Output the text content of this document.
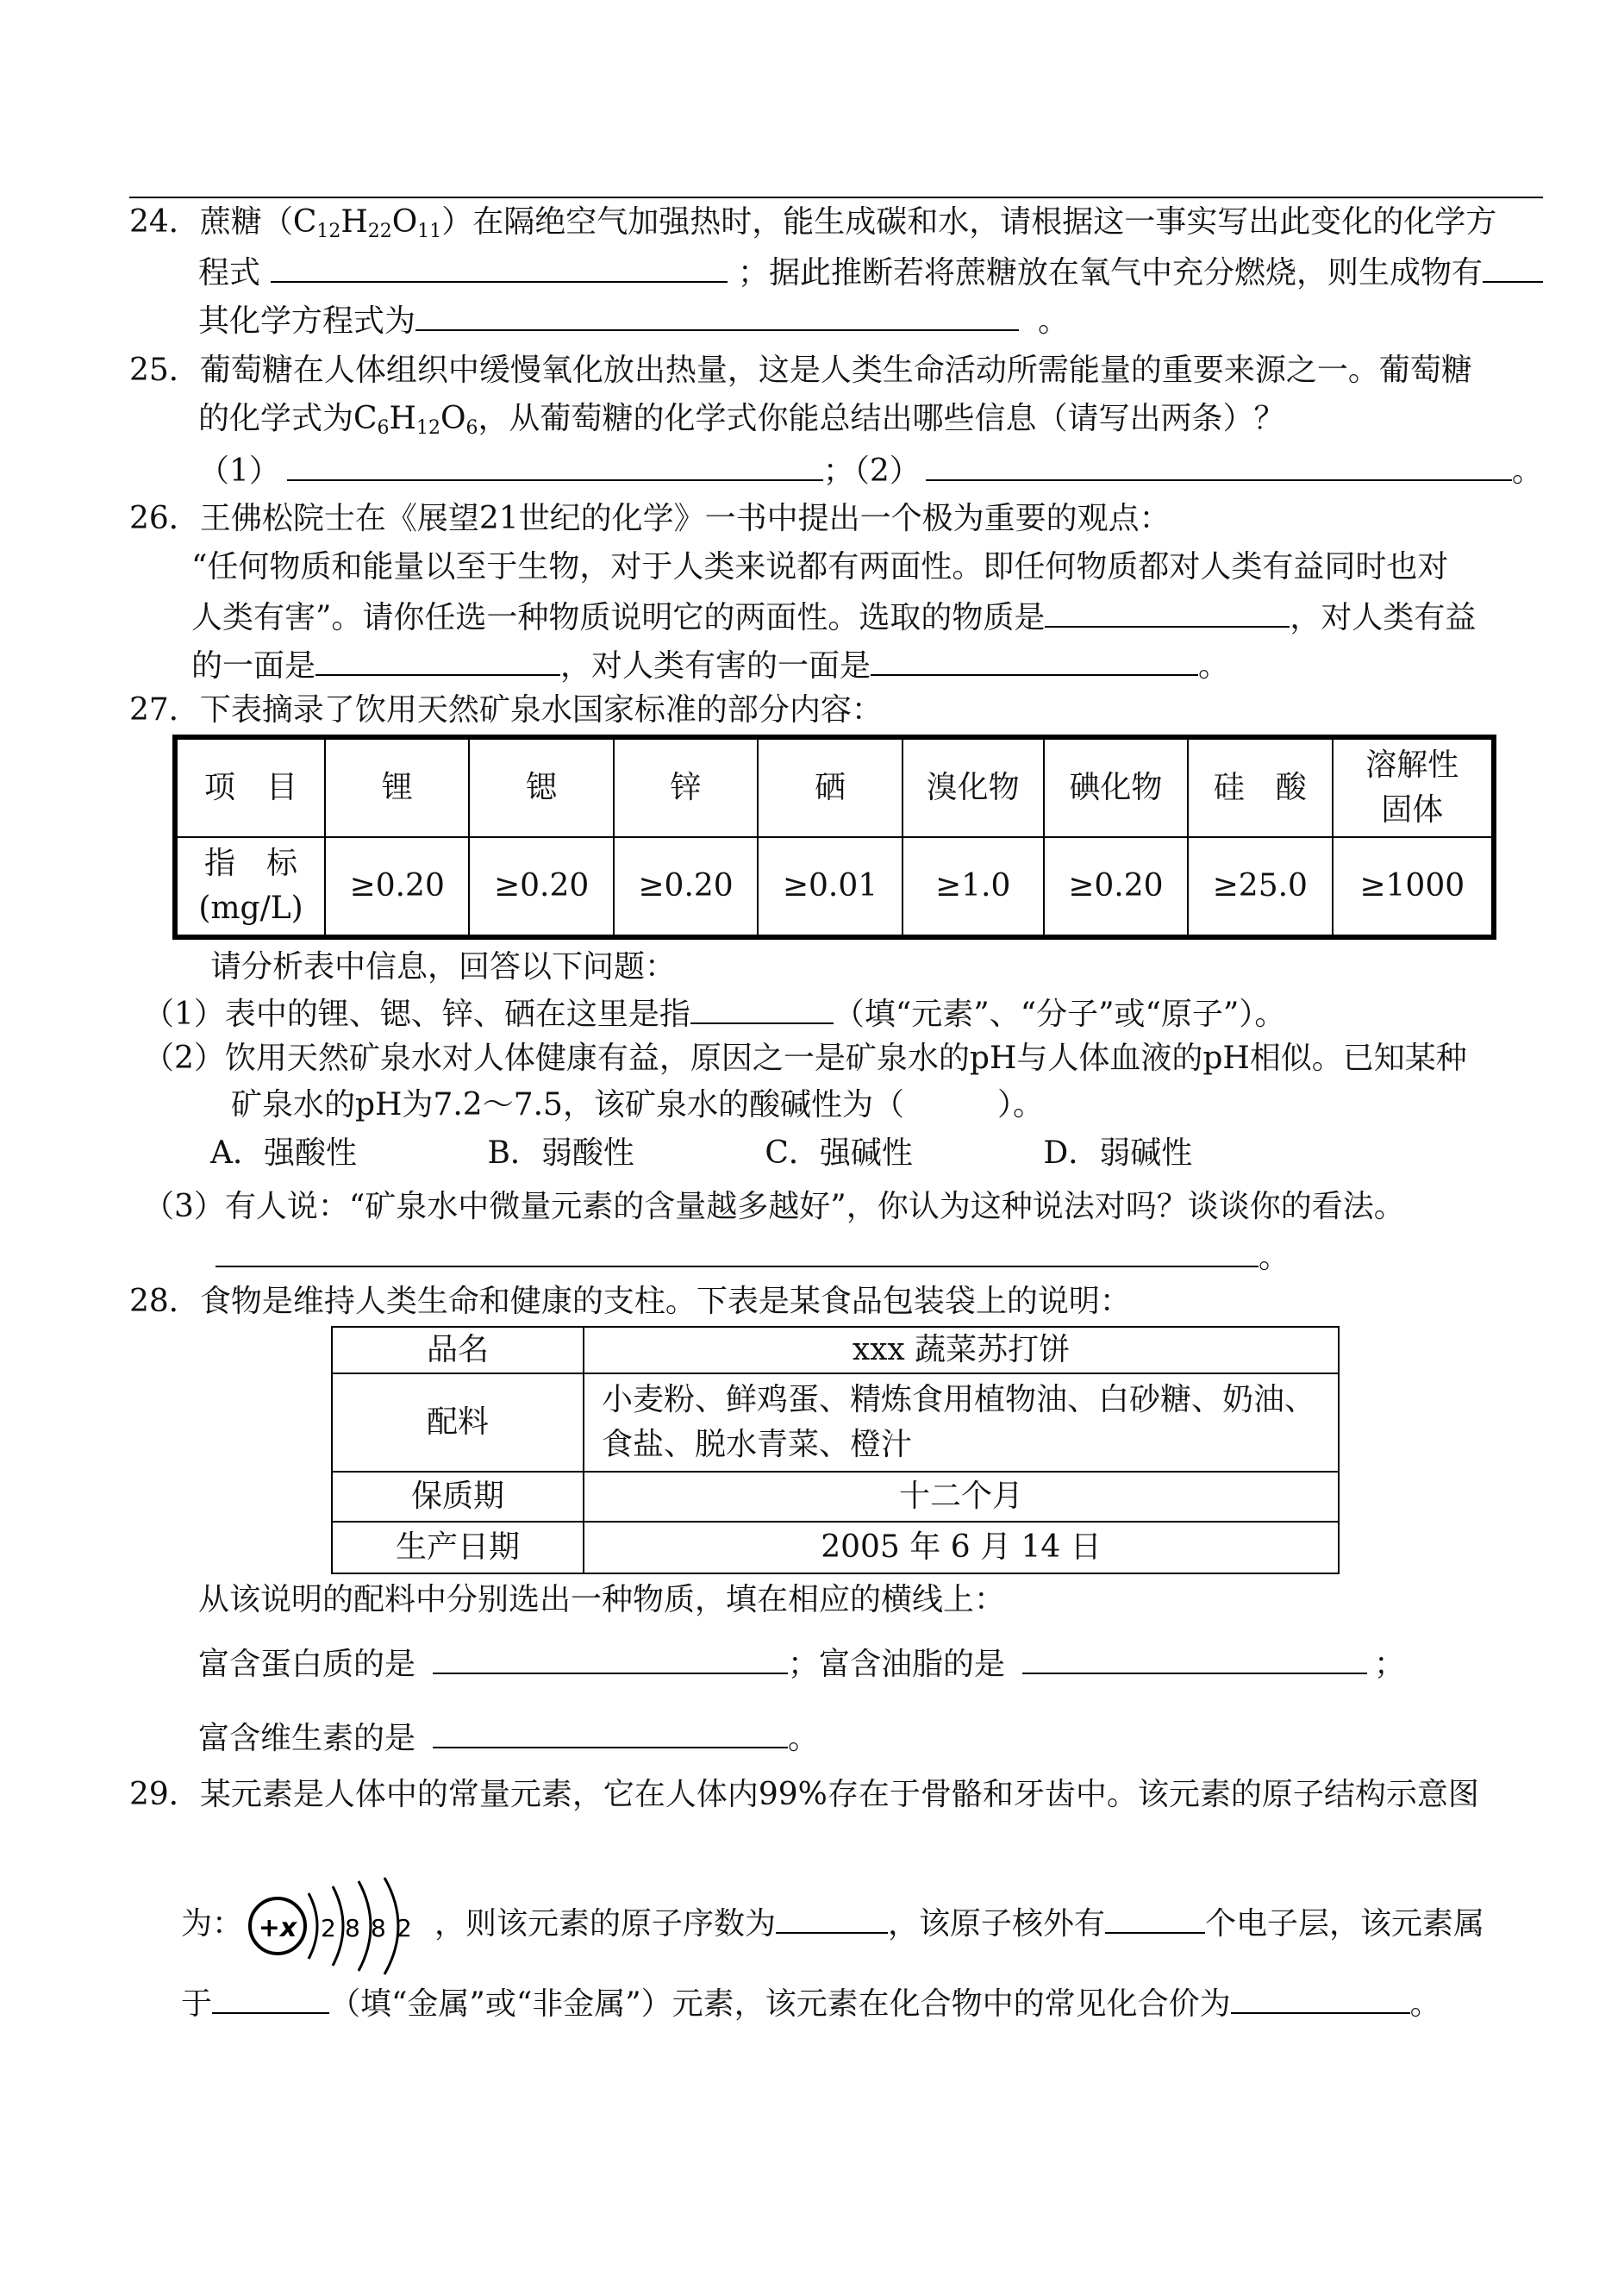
24．蔗糖$(C_{12}H_{22}O_{11})$在隔绝空气加强热时，能生成碳和水，请根据这一事实写出此变化的化学方
程式	；据此推断若将蔗糖放在氧气中充分燃烧，则生成物有
其化学方程式为	。
25．葡萄糖在人体组织中缓慢氧化放出热量，这是人类生命活动所需能量的重要来源之一。葡萄糖
的化学式为$C_6H_{12}O_6$，从葡萄糖的化学式你能总结出哪些信息（请写出两条）？
（1）	；（2）	。
26．王佛松院士在《展望21世纪的化学》一书中提出一个极为重要的观点：
“任何物质和能量以至于生物，对于人类来说都有两面性。即任何物质都对人类有益同时也对
人类有害”。请你任选一种物质说明它的两面性。选取的物质是	，对人类有益
的一面是	，对人类有害的一面是	。
27．下表摘录了饮用天然矿泉水国家标准的部分内容：
项　目	锂	锶	锌	硒	溴化物	碘化物	硅　酸	溶解性
固体

指　标
(mg/L)	≥0.20	≥0.20	≥0.20	≥0.01	≥1.0	≥0.20	≥25.0	≥1000
请分析表中信息，回答以下问题：
（1）表中的锂、锶、锌、硒在这里是指	（填“元素”、“分子”或“原子”）。
（2）饮用天然矿泉水对人体健康有益，原因之一是矿泉水的pH与人体血液的pH相似。已知某种
矿泉水的pH为7.2～7.5，该矿泉水的酸碱性为（　　　）。
A．强酸性	B．弱酸性	C．强碱性	D．弱碱性
（3）有人说：“矿泉水中微量元素的含量越多越好”，你认为这种说法对吗？谈谈你的看法。
。
28．食物是维持人类生命和健康的支柱。下表是某食品包装袋上的说明：
品名	xxx 蔬菜苏打饼
配料	小麦粉、鲜鸡蛋、精炼食用植物油、白砂糖、奶油、
食盐、脱水青菜、橙汁

保质期	十二个月
生产日期	2005 年 6 月 14 日
从该说明的配料中分别选出一种物质，填在相应的横线上：
富含蛋白质的是	；富含油脂的是	；
富含维生素的是	。
29．某元素是人体中的常量元素，它在人体内99%存在于骨骼和牙齿中。该元素的原子结构示意图
为： +x 2 8 8 2 ，则该元素的原子序数为	，该原子核外有	个电子层，该元素属
于	（填“金属”或“非金属”）元素，该元素在化合物中的常见化合价为	。
